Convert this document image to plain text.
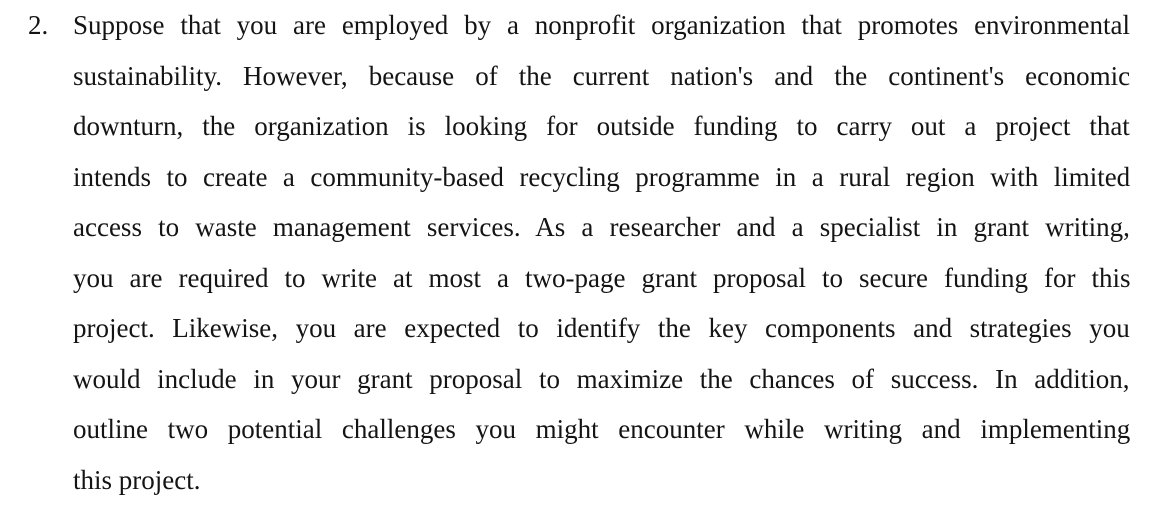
2. Suppose that you are employed by a nonprofit organization that promotes environmental
sustainability. However, because of the current nation's and the continent's economic
downturn, the organization is looking for outside funding to carry out a project that
intends to create a community-based recycling programme in a rural region with limited
access to waste management services. As a researcher and a specialist in grant writing,
you are required to write at most a two-page grant proposal to secure funding for this
project. Likewise, you are expected to identify the key components and strategies you
would include in your grant proposal to maximize the chances of success. In addition,
outline two potential challenges you might encounter while writing and implementing
this project.
